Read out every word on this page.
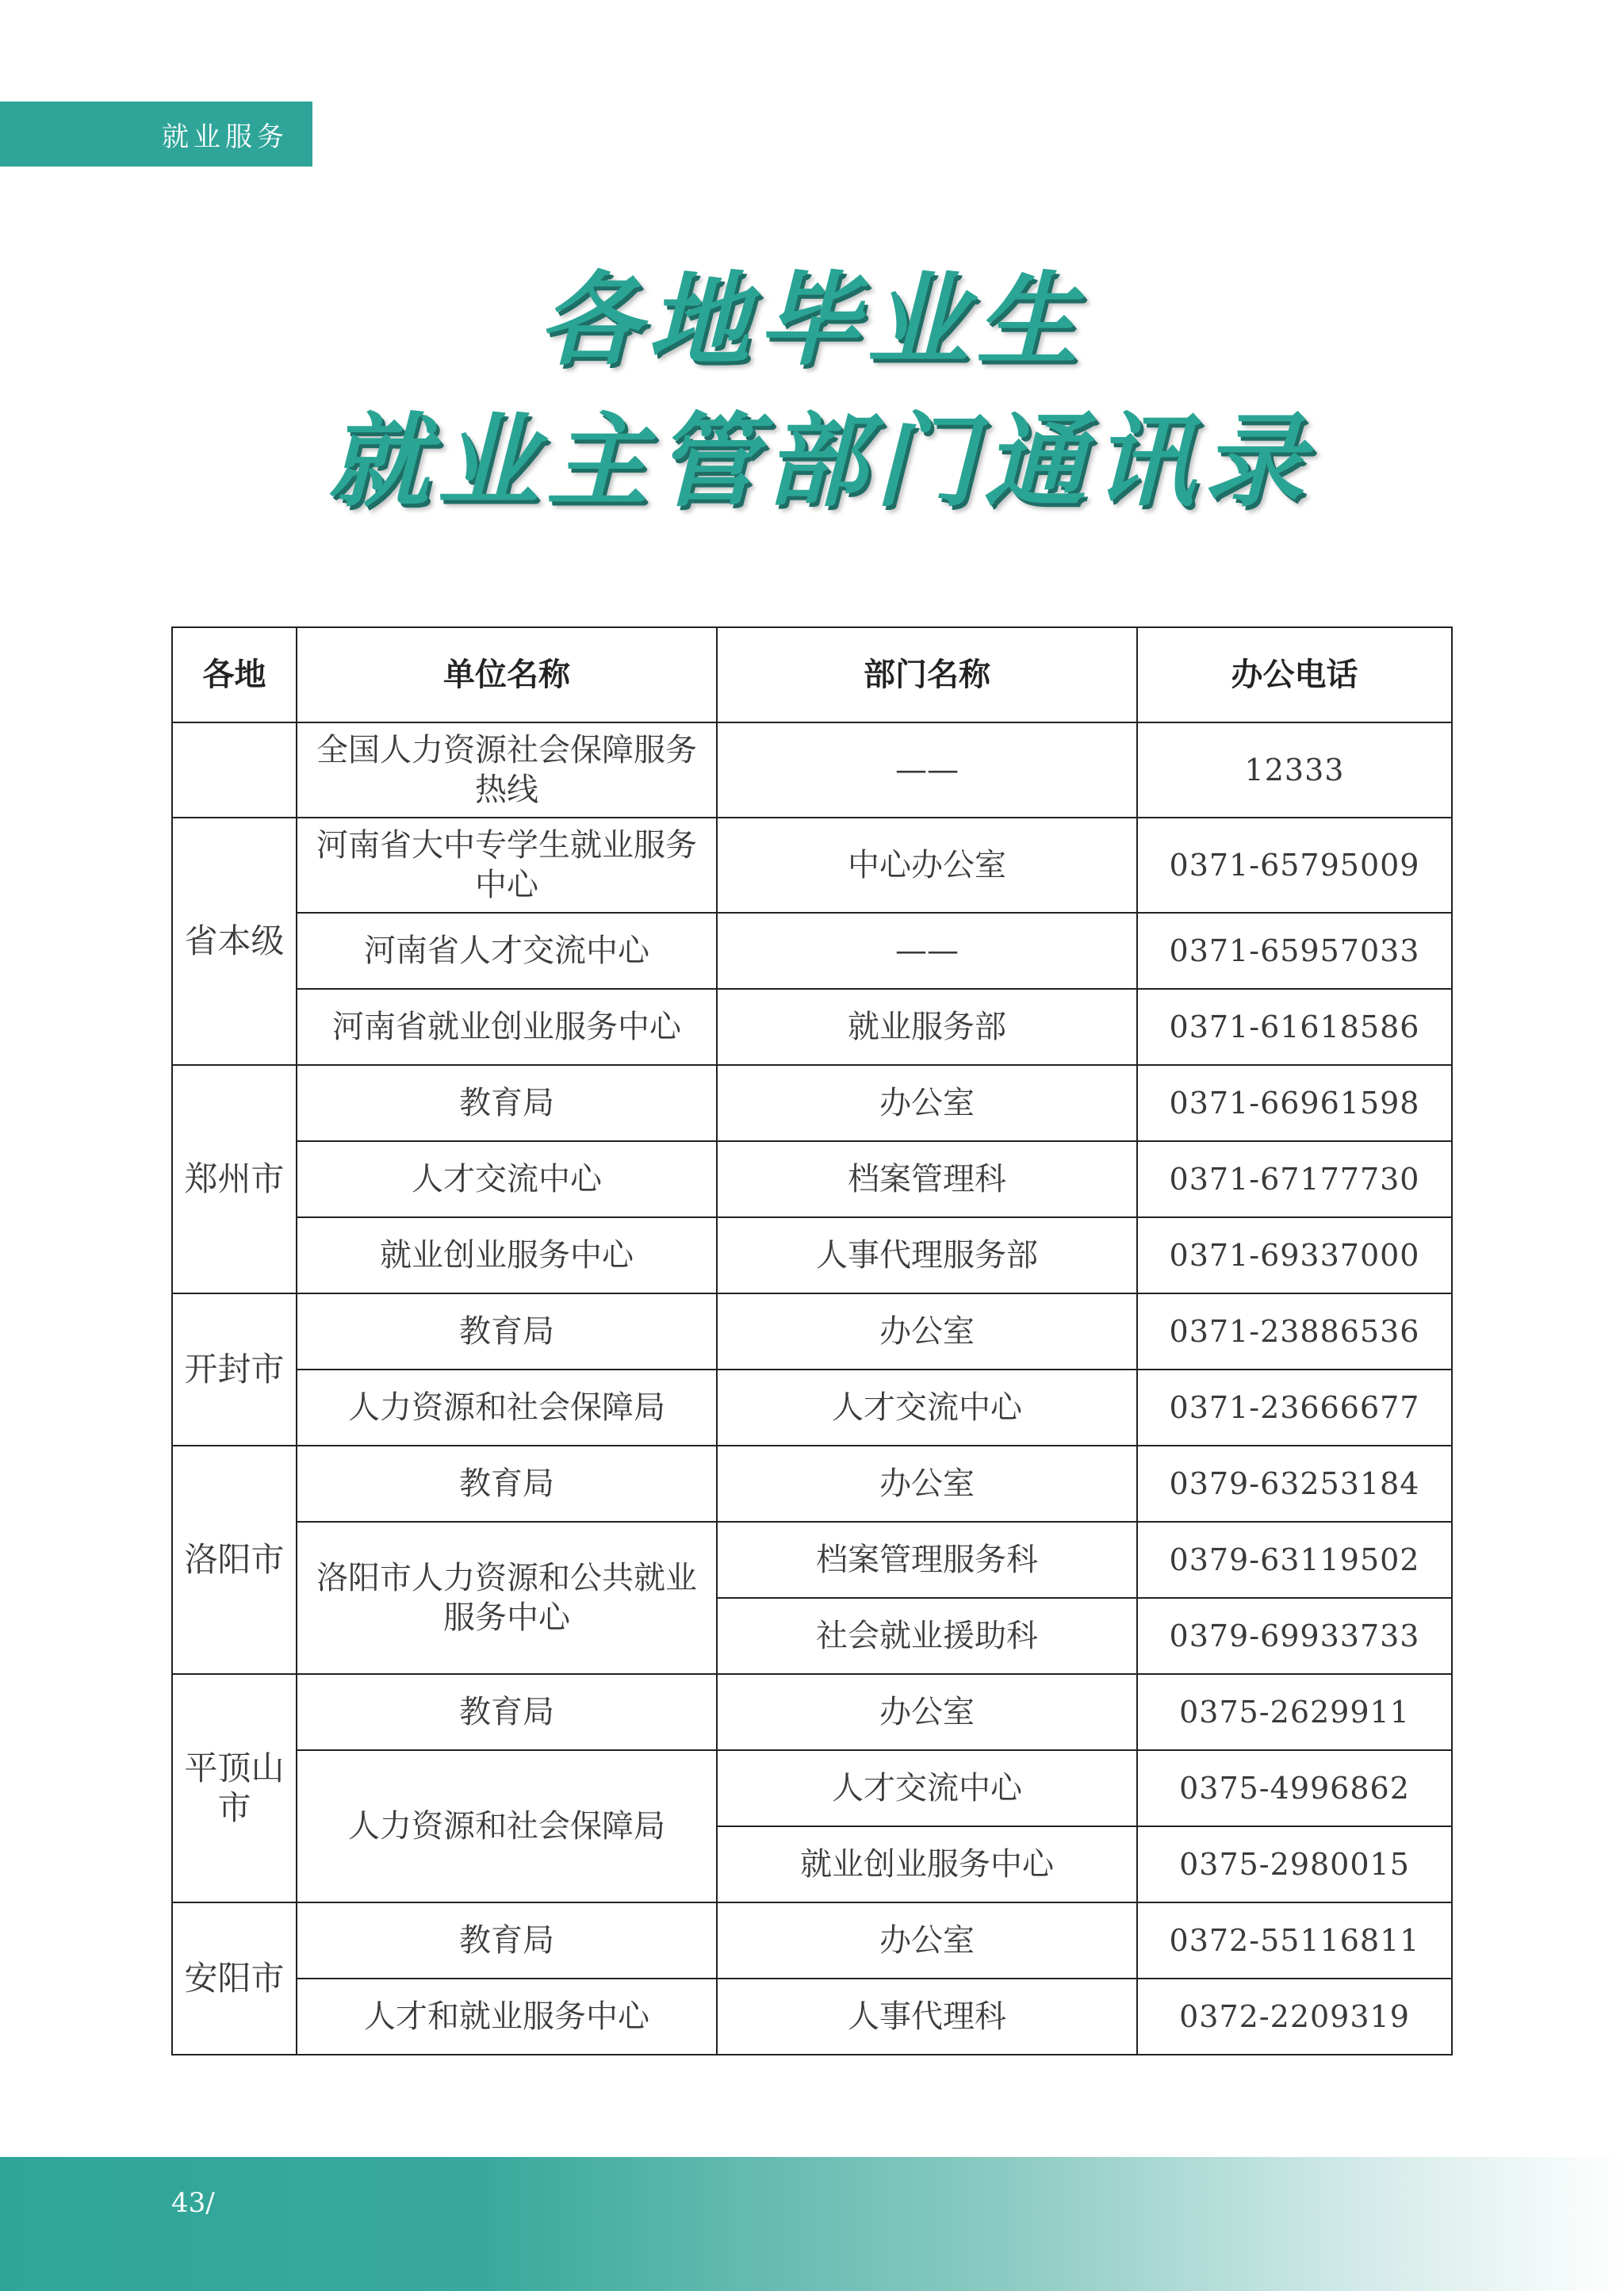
就业服务
各地毕业生
就业主管部门通讯录
各地	单位名称	部门名称	办公电话
	全国人力资源社会保障服务热线	——	12333
省本级	河南省大中专学生就业服务中心	中心办公室	0371-65795009
	河南省人才交流中心	——	0371-65957033
	河南省就业创业服务中心	就业服务部	0371-61618586
郑州市	教育局	办公室	0371-66961598
	人才交流中心	档案管理科	0371-67177730
	就业创业服务中心	人事代理服务部	0371-69337000
开封市	教育局	办公室	0371-23886536
	人力资源和社会保障局	人才交流中心	0371-23666677
洛阳市	教育局	办公室	0379-63253184
	洛阳市人力资源和公共就业服务中心	档案管理服务科	0379-63119502
		社会就业援助科	0379-69933733
平顶山市	教育局	办公室	0375-2629911
	人力资源和社会保障局	人才交流中心	0375-4996862
		就业创业服务中心	0375-2980015
安阳市	教育局	办公室	0372-55116811
	人才和就业服务中心	人事代理科	0372-2209319
43/
